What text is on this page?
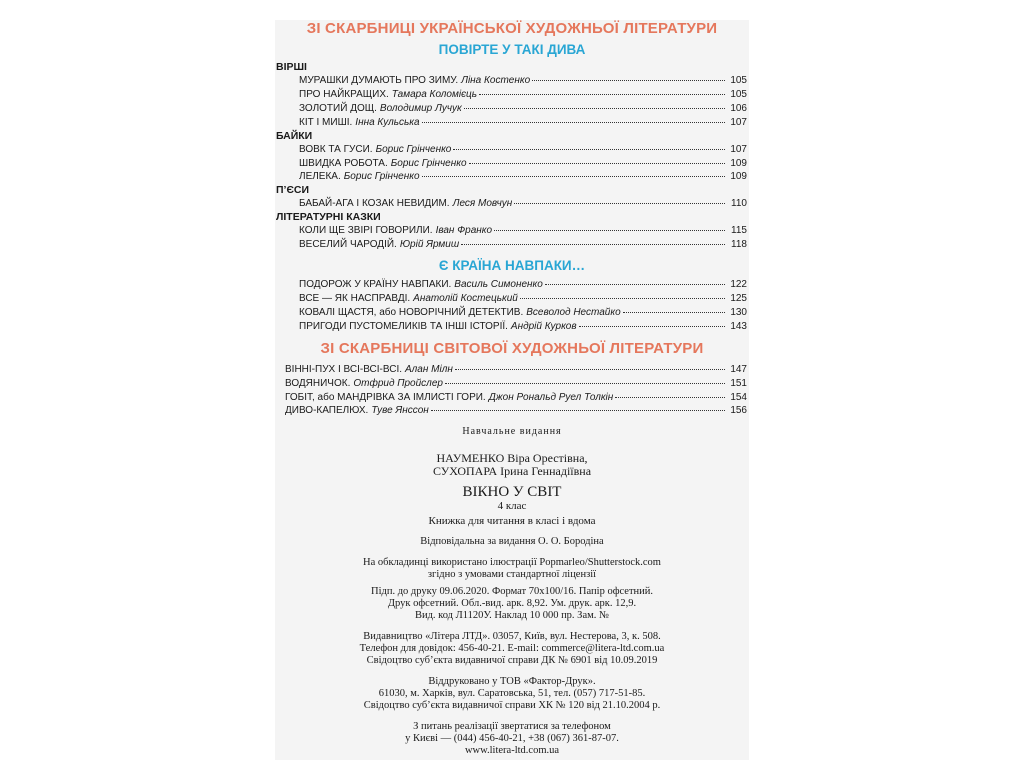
ЗІ СКАРБНИЦІ УКРАЇНСЬКОЇ ХУДОЖНЬОЇ ЛІТЕРАТУРИ

ПОВІРТЕ У ТАКІ ДИВА

ВІРШІ

МУРАШКИ ДУМАЮТЬ ПРО ЗИМУ. Ліна Костенко	105
ПРО НАЙКРАЩИХ. Тамара Коломієць	105
ЗОЛОТИЙ ДОЩ. Володимир Лучук	106
КІТ І МИШІ. Інна Кульська	107

БАЙКИ

ВОВК ТА ГУСИ. Борис Грінченко	107
ШВИДКА РОБОТА. Борис Грінченко	109
ЛЕЛЕКА. Борис Грінченко	109

П’ЄСИ

БАБАЙ-АГА І КОЗАК НЕВИДИМ. Леся Мовчун	110

ЛІТЕРАТУРНІ КАЗКИ

КОЛИ ЩЕ ЗВІРІ ГОВОРИЛИ. Іван Франко	115
ВЕСЕЛИЙ ЧАРОДІЙ. Юрій Ярмиш	118

Є КРАЇНА НАВПАКИ…

ПОДОРОЖ У КРАЇНУ НАВПАКИ. Василь Симоненко	122
ВСЕ — ЯК НАСПРАВДІ. Анатолій Костецький	125
КОВАЛІ ЩАСТЯ, або НОВОРІЧНИЙ ДЕТЕКТИВ. Всеволод Нестайко	130
ПРИГОДИ ПУСТОМЕЛИКІВ ТА ІНШІ ІСТОРІЇ. Андрій Курков	143

ЗІ СКАРБНИЦІ СВІТОВОЇ ХУДОЖНЬОЇ ЛІТЕРАТУРИ

ВІННІ-ПУХ І ВСІ-ВСІ-ВСІ. Алан Мілн	147
ВОДЯНИЧОК. Отфрид Пройслер	151
ГОБІТ, або МАНДРІВКА ЗА ІМЛИСТІ ГОРИ. Джон Рональд Руел Толкін	154
ДИВО-КАПЕЛЮХ. Туве Янссон	156

Навчальне видання

НАУМЕНКО Віра Орестівна,

СУХОПАРА Ірина Геннадіївна

ВІКНО У СВІТ

4 клас

Книжка для читання в класі і вдома

Відповідальна за видання О. О. Бородіна

На обкладинці використано ілюстрації Popmarleo/Shutterstock.com

згідно з умовами стандартної ліцензії

Підп. до друку 09.06.2020. Формат 70х100/16. Папір офсетний.

Друк офсетний. Обл.-вид. арк. 8,92. Ум. друк. арк. 12,9.

Вид. код Л1120У. Наклад 10 000 пр. Зам. №

Видавництво «Літера ЛТД». 03057, Київ, вул. Нестерова, 3, к. 508.

Телефон для довідок: 456-40-21. E-mail: commerce@litera-ltd.com.ua

Свідоцтво суб’єкта видавничої справи ДК № 6901 від 10.09.2019

Віддруковано у ТОВ «Фактор-Друк».

61030, м. Харків, вул. Саратовська, 51, тел. (057) 717-51-85.

Свідоцтво суб’єкта видавничої справи ХК № 120 від 21.10.2004 р.

З питань реалізації звертатися за телефоном

у Києві — (044) 456-40-21, +38 (067) 361-87-07.

www.litera-ltd.com.ua
